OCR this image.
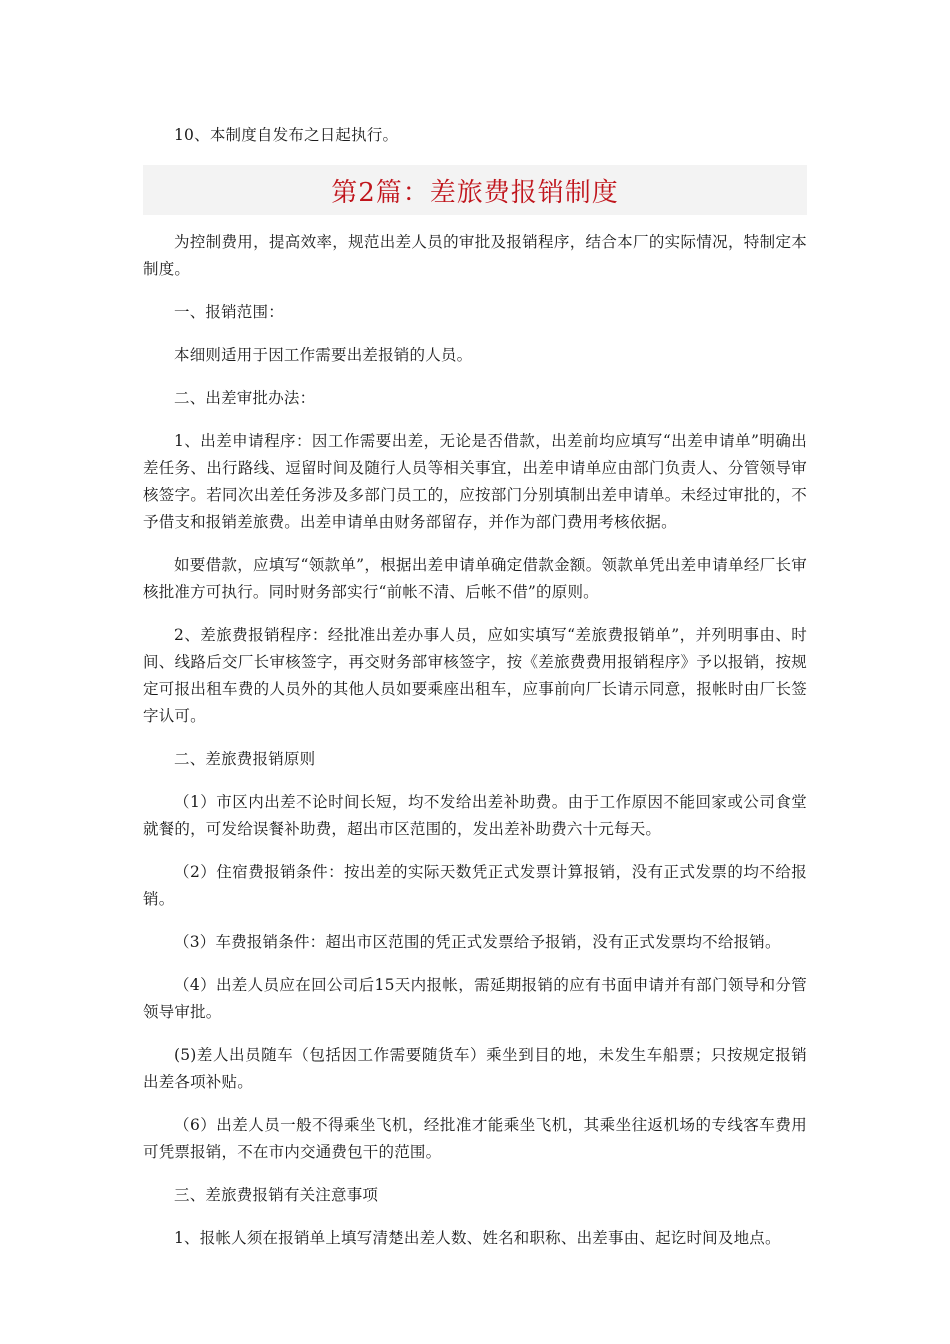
10、本制度自发布之日起执行。

第2篇：差旅费报销制度

为控制费用，提高效率，规范出差人员的审批及报销程序，结合本厂的实际情况，特制定本制度。

一、报销范围：

本细则适用于因工作需要出差报销的人员。

二、出差审批办法：

1、出差申请程序：因工作需要出差，无论是否借款，出差前均应填写“出差申请单”明确出差任务、出行路线、逗留时间及随行人员等相关事宜，出差申请单应由部门负责人、分管领导审核签字。若同次出差任务涉及多部门员工的，应按部门分别填制出差申请单。未经过审批的，不予借支和报销差旅费。出差申请单由财务部留存，并作为部门费用考核依据。

如要借款，应填写“领款单”，根据出差申请单确定借款金额。领款单凭出差申请单经厂长审核批准方可执行。同时财务部实行“前帐不清、后帐不借”的原则。

2、差旅费报销程序：经批准出差办事人员，应如实填写“差旅费报销单”，并列明事由、时间、线路后交厂长审核签字，再交财务部审核签字，按《差旅费费用报销程序》予以报销，按规定可报出租车费的人员外的其他人员如要乘座出租车，应事前向厂长请示同意，报帐时由厂长签字认可。

二、差旅费报销原则

（1）市区内出差不论时间长短，均不发给出差补助费。由于工作原因不能回家或公司食堂就餐的，可发给误餐补助费，超出市区范围的，发出差补助费六十元每天。

（2）住宿费报销条件：按出差的实际天数凭正式发票计算报销，没有正式发票的均不给报销。

（3）车费报销条件：超出市区范围的凭正式发票给予报销，没有正式发票均不给报销。

（4）出差人员应在回公司后15天内报帐，需延期报销的应有书面申请并有部门领导和分管领导审批。

(5)差人出员随车（包括因工作需要随货车）乘坐到目的地，未发生车船票；只按规定报销出差各项补贴。

（6）出差人员一般不得乘坐飞机，经批准才能乘坐飞机，其乘坐往返机场的专线客车费用可凭票报销，不在市内交通费包干的范围。

三、差旅费报销有关注意事项

1、报帐人须在报销单上填写清楚出差人数、姓名和职称、出差事由、起讫时间及地点。
